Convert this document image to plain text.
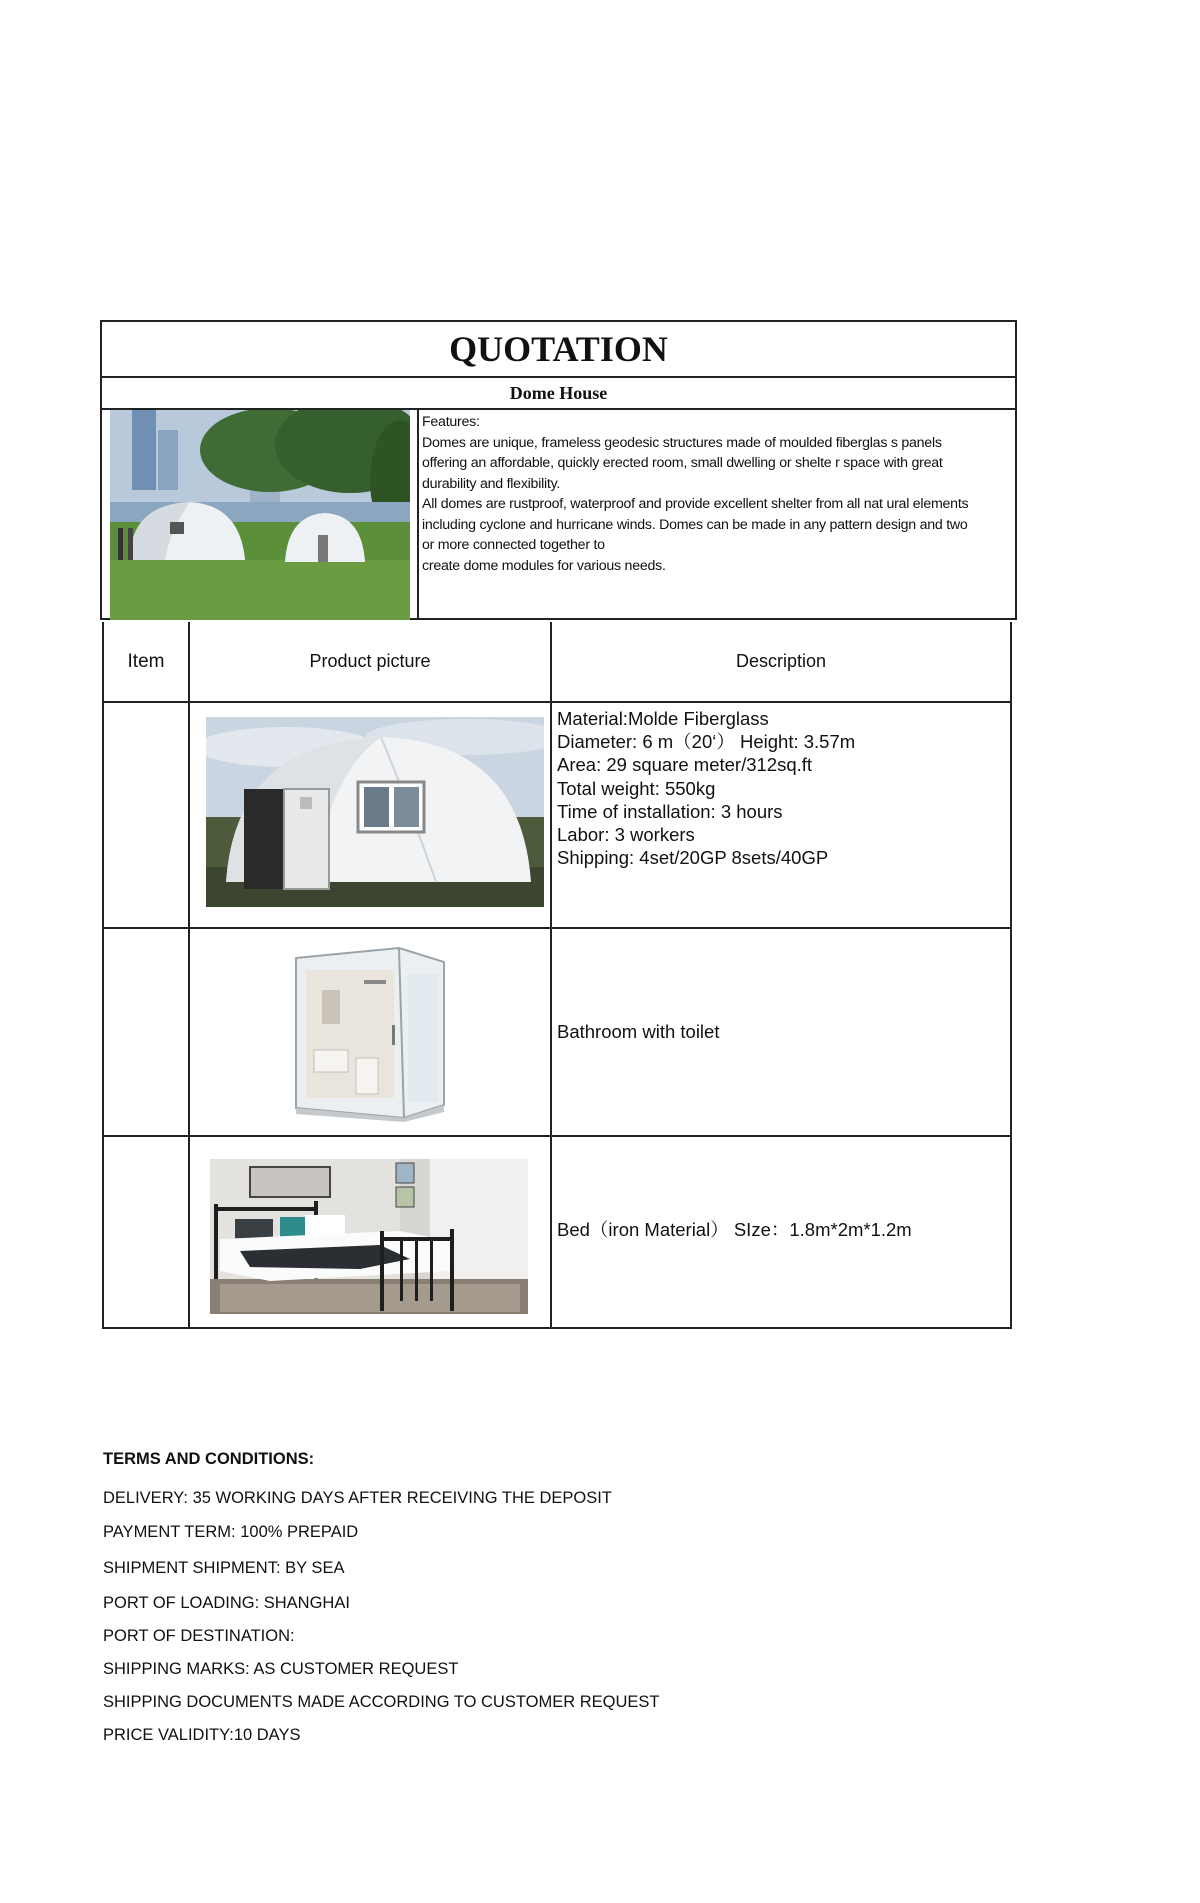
QUOTATION
Dome House

Features:

Domes are unique, frameless geodesic structures made of moulded fiberglas s panels

offering an affordable, quickly erected room, small dwelling or shelte r space with great

durability and flexibility.

All domes are rustproof, waterproof and provide excellent shelter from all nat ural elements

including cyclone and hurricane winds. Domes can be made in any pattern design and two

or more connected together to

create dome modules for various needs.

Item	Product picture	Description
Material:Molde Fiberglass
Diameter: 6 m（20‘） Height: 3.57m
Area: 29 square meter/312sq.ft
Total weight: 550kg
Time of installation: 3 hours
Labor: 3 workers
Shipping: 4set/20GP 8sets/40GP
Bathroom with toilet
Bed（iron Material） SIze：1.8m*2m*1.2m
TERMS AND CONDITIONS:
DELIVERY: 35 WORKING DAYS AFTER RECEIVING THE DEPOSIT
PAYMENT TERM: 100% PREPAID
SHIPMENT SHIPMENT: BY SEA
PORT OF LOADING: SHANGHAI
PORT OF DESTINATION:
SHIPPING MARKS: AS CUSTOMER REQUEST
SHIPPING DOCUMENTS MADE ACCORDING TO CUSTOMER REQUEST
PRICE VALIDITY:10 DAYS
